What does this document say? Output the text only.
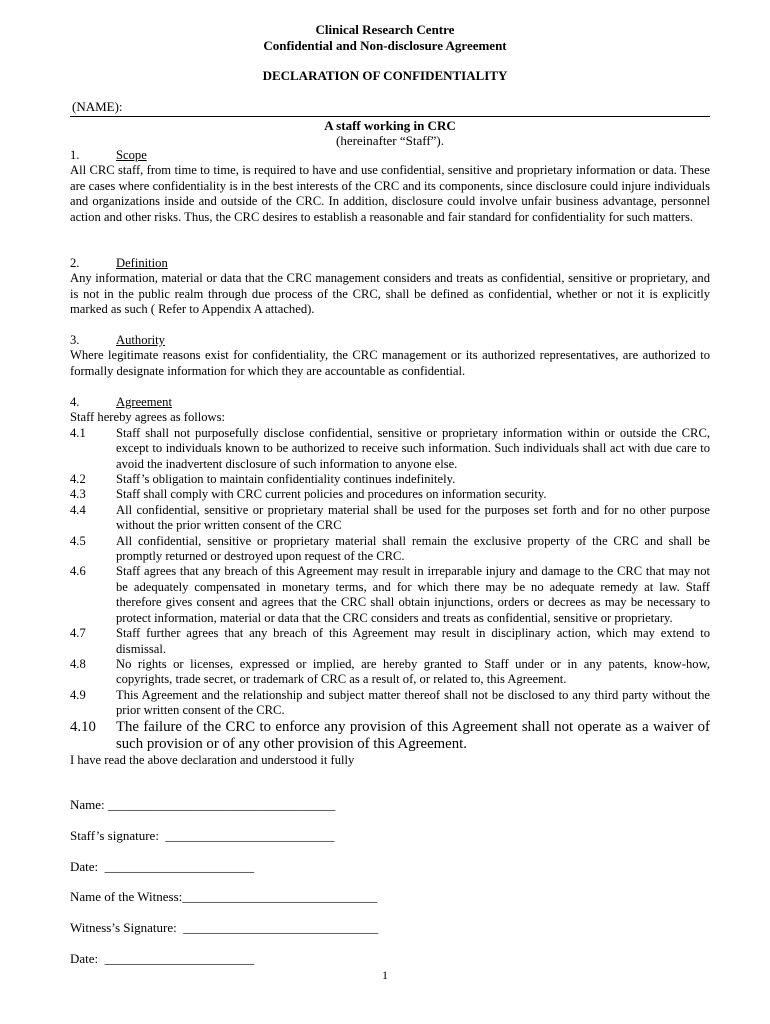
Clinical Research Centre
Confidential and Non-disclosure Agreement
DECLARATION OF CONFIDENTIALITY
(NAME):
A staff working in CRC
(hereinafter “Staff”).
1.	Scope
All CRC staff, from time to time, is required to have and use confidential, sensitive and proprietary information or data. These are cases where confidentiality is in the best interests of the CRC and its components, since disclosure could injure individuals and organizations inside and outside of the CRC. In addition, disclosure could involve unfair business advantage, personnel action and other risks. Thus, the CRC desires to establish a reasonable and fair standard for confidentiality for such matters.
2.	Definition
Any information, material or data that the CRC management considers and treats as confidential, sensitive or proprietary, and is not in the public realm through due process of the CRC, shall be defined as confidential, whether or not it is explicitly marked as such ( Refer to Appendix A attached).
3.	Authority
Where legitimate reasons exist for confidentiality, the CRC management or its authorized representatives, are authorized to formally designate information for which they are accountable as confidential.
4.	Agreement
Staff hereby agrees as follows:
4.1	Staff shall not purposefully disclose confidential, sensitive or proprietary information within or outside the CRC, except to individuals known to be authorized to receive such information. Such individuals shall act with due care to avoid the inadvertent disclosure of such information to anyone else.
4.2	Staff’s obligation to maintain confidentiality continues indefinitely.
4.3	Staff shall comply with CRC current policies and procedures on information security.
4.4	All confidential, sensitive or proprietary material shall be used for the purposes set forth and for no other purpose without the prior written consent of the CRC
4.5	All confidential, sensitive or proprietary material shall remain the exclusive property of the CRC and shall be promptly returned or destroyed upon request of the CRC.
4.6	Staff agrees that any breach of this Agreement may result in irreparable injury and damage to the CRC that may not be adequately compensated in monetary terms, and for which there may be no adequate remedy at law. Staff therefore gives consent and agrees that the CRC shall obtain injunctions, orders or decrees as may be necessary to protect information, material or data that the CRC considers and treats as confidential, sensitive or proprietary.
4.7	Staff further agrees that any breach of this Agreement may result in disciplinary action, which may extend to dismissal.
4.8	No rights or licenses, expressed or implied, are hereby granted to Staff under or in any patents, know-how, copyrights, trade secret, or trademark of CRC as a result of, or related to, this Agreement.
4.9	This Agreement and the relationship and subject matter thereof shall not be disclosed to any third party without the prior written consent of the CRC.
4.10	The failure of the CRC to enforce any provision of this Agreement shall not operate as a waiver of such provision or of any other provision of this Agreement.
I have read the above declaration and understood it fully
Name: ___________________________________
Staff’s signature:  __________________________
Date:  _______________________
Name of the Witness:______________________________
Witness’s Signature:  ______________________________
Date:  _______________________
1
